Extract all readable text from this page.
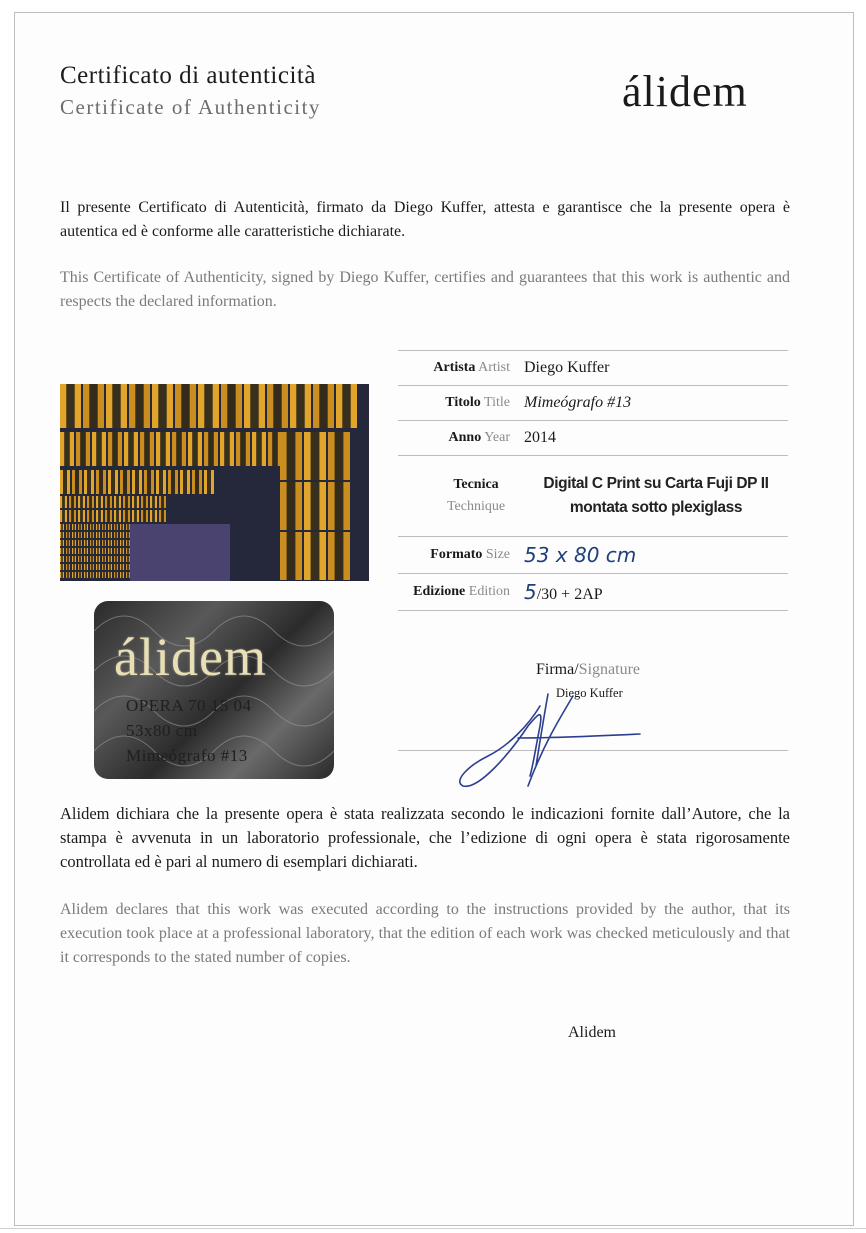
Certificato di autenticità
Certificate of Authenticity	álidem
Il presente Certificato di Autenticità, firmato da Diego Kuffer, attesta e garantisce che la presente opera è autentica ed è conforme alle caratteristiche dichiarate.
This Certificate of Authenticity, signed by Diego Kuffer, certifies and guarantees that this work is authentic and respects the declared information.
Artista Artist Diego Kuffer
Titolo Title Mimeógrafo #13
Anno Year 2014
Tecnica
Technique
Digital C Print su Carta Fuji DP II
montata sotto plexiglass
Formato Size 53 x 80 cm
Edizione Edition 5/30 + 2AP
álidem
OPERA 70 15 04
53x80 cm
Mimeógrafo #13
Firma/Signature
Diego Kuffer
Alidem dichiara che la presente opera è stata realizzata secondo le indicazioni fornite dall’Autore, che la stampa è avvenuta in un laboratorio professionale, che l’edizione di ogni opera è stata rigorosamente controllata ed è pari al numero di esemplari dichiarati.
Alidem declares that this work was executed according to the instructions provided by the author, that its execution took place at a professional laboratory, that the edition of each work was checked meticulously and that it corresponds to the stated number of copies.
Alidem
